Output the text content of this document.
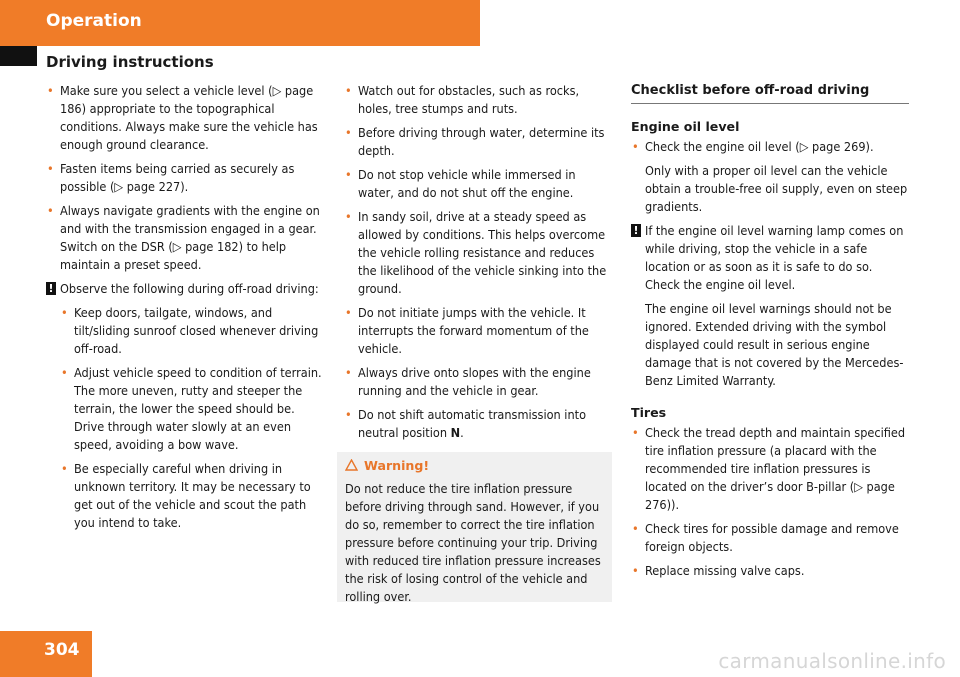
Operation
Driving instructions
• Make sure you select a vehicle level (▷ page 186) appropriate to the topographical conditions. Always make sure the vehicle has enough ground clearance.
• Fasten items being carried as securely as possible (▷ page 227).
• Always navigate gradients with the engine on and with the transmission engaged in a gear. Switch on the DSR (▷ page 182) to help maintain a preset speed.
! Observe the following during off-road driving:
• Keep doors, tailgate, windows, and tilt/sliding sunroof closed whenever driving off-road.
• Adjust vehicle speed to condition of terrain. The more uneven, rutty and steeper the terrain, the lower the speed should be. Drive through water slowly at an even speed, avoiding a bow wave.
• Be especially careful when driving in unknown territory. It may be necessary to get out of the vehicle and scout the path you intend to take.
• Watch out for obstacles, such as rocks, holes, tree stumps and ruts.
• Before driving through water, determine its depth.
• Do not stop vehicle while immersed in water, and do not shut off the engine.
• In sandy soil, drive at a steady speed as allowed by conditions. This helps overcome the vehicle rolling resistance and reduces the likelihood of the vehicle sinking into the ground.
• Do not initiate jumps with the vehicle. It interrupts the forward momentum of the vehicle.
• Always drive onto slopes with the engine running and the vehicle in gear.
• Do not shift automatic transmission into neutral position N.
Warning!
Do not reduce the tire inflation pressure before driving through sand. However, if you do so, remember to correct the tire inflation pressure before continuing your trip. Driving with reduced tire inflation pressure increases the risk of losing control of the vehicle and rolling over.
Checklist before off-road driving
Engine oil level
• Check the engine oil level (▷ page 269).
Only with a proper oil level can the vehicle obtain a trouble-free oil supply, even on steep gradients.
! If the engine oil level warning lamp comes on while driving, stop the vehicle in a safe location or as soon as it is safe to do so. Check the engine oil level.
The engine oil level warnings should not be ignored. Extended driving with the symbol displayed could result in serious engine damage that is not covered by the Mercedes-Benz Limited Warranty.
Tires
• Check the tread depth and maintain specified tire inflation pressure (a placard with the recommended tire inflation pressures is located on the driver’s door B-pillar (▷ page 276)).
• Check tires for possible damage and remove foreign objects.
• Replace missing valve caps.
304	carmanualsonline.info
